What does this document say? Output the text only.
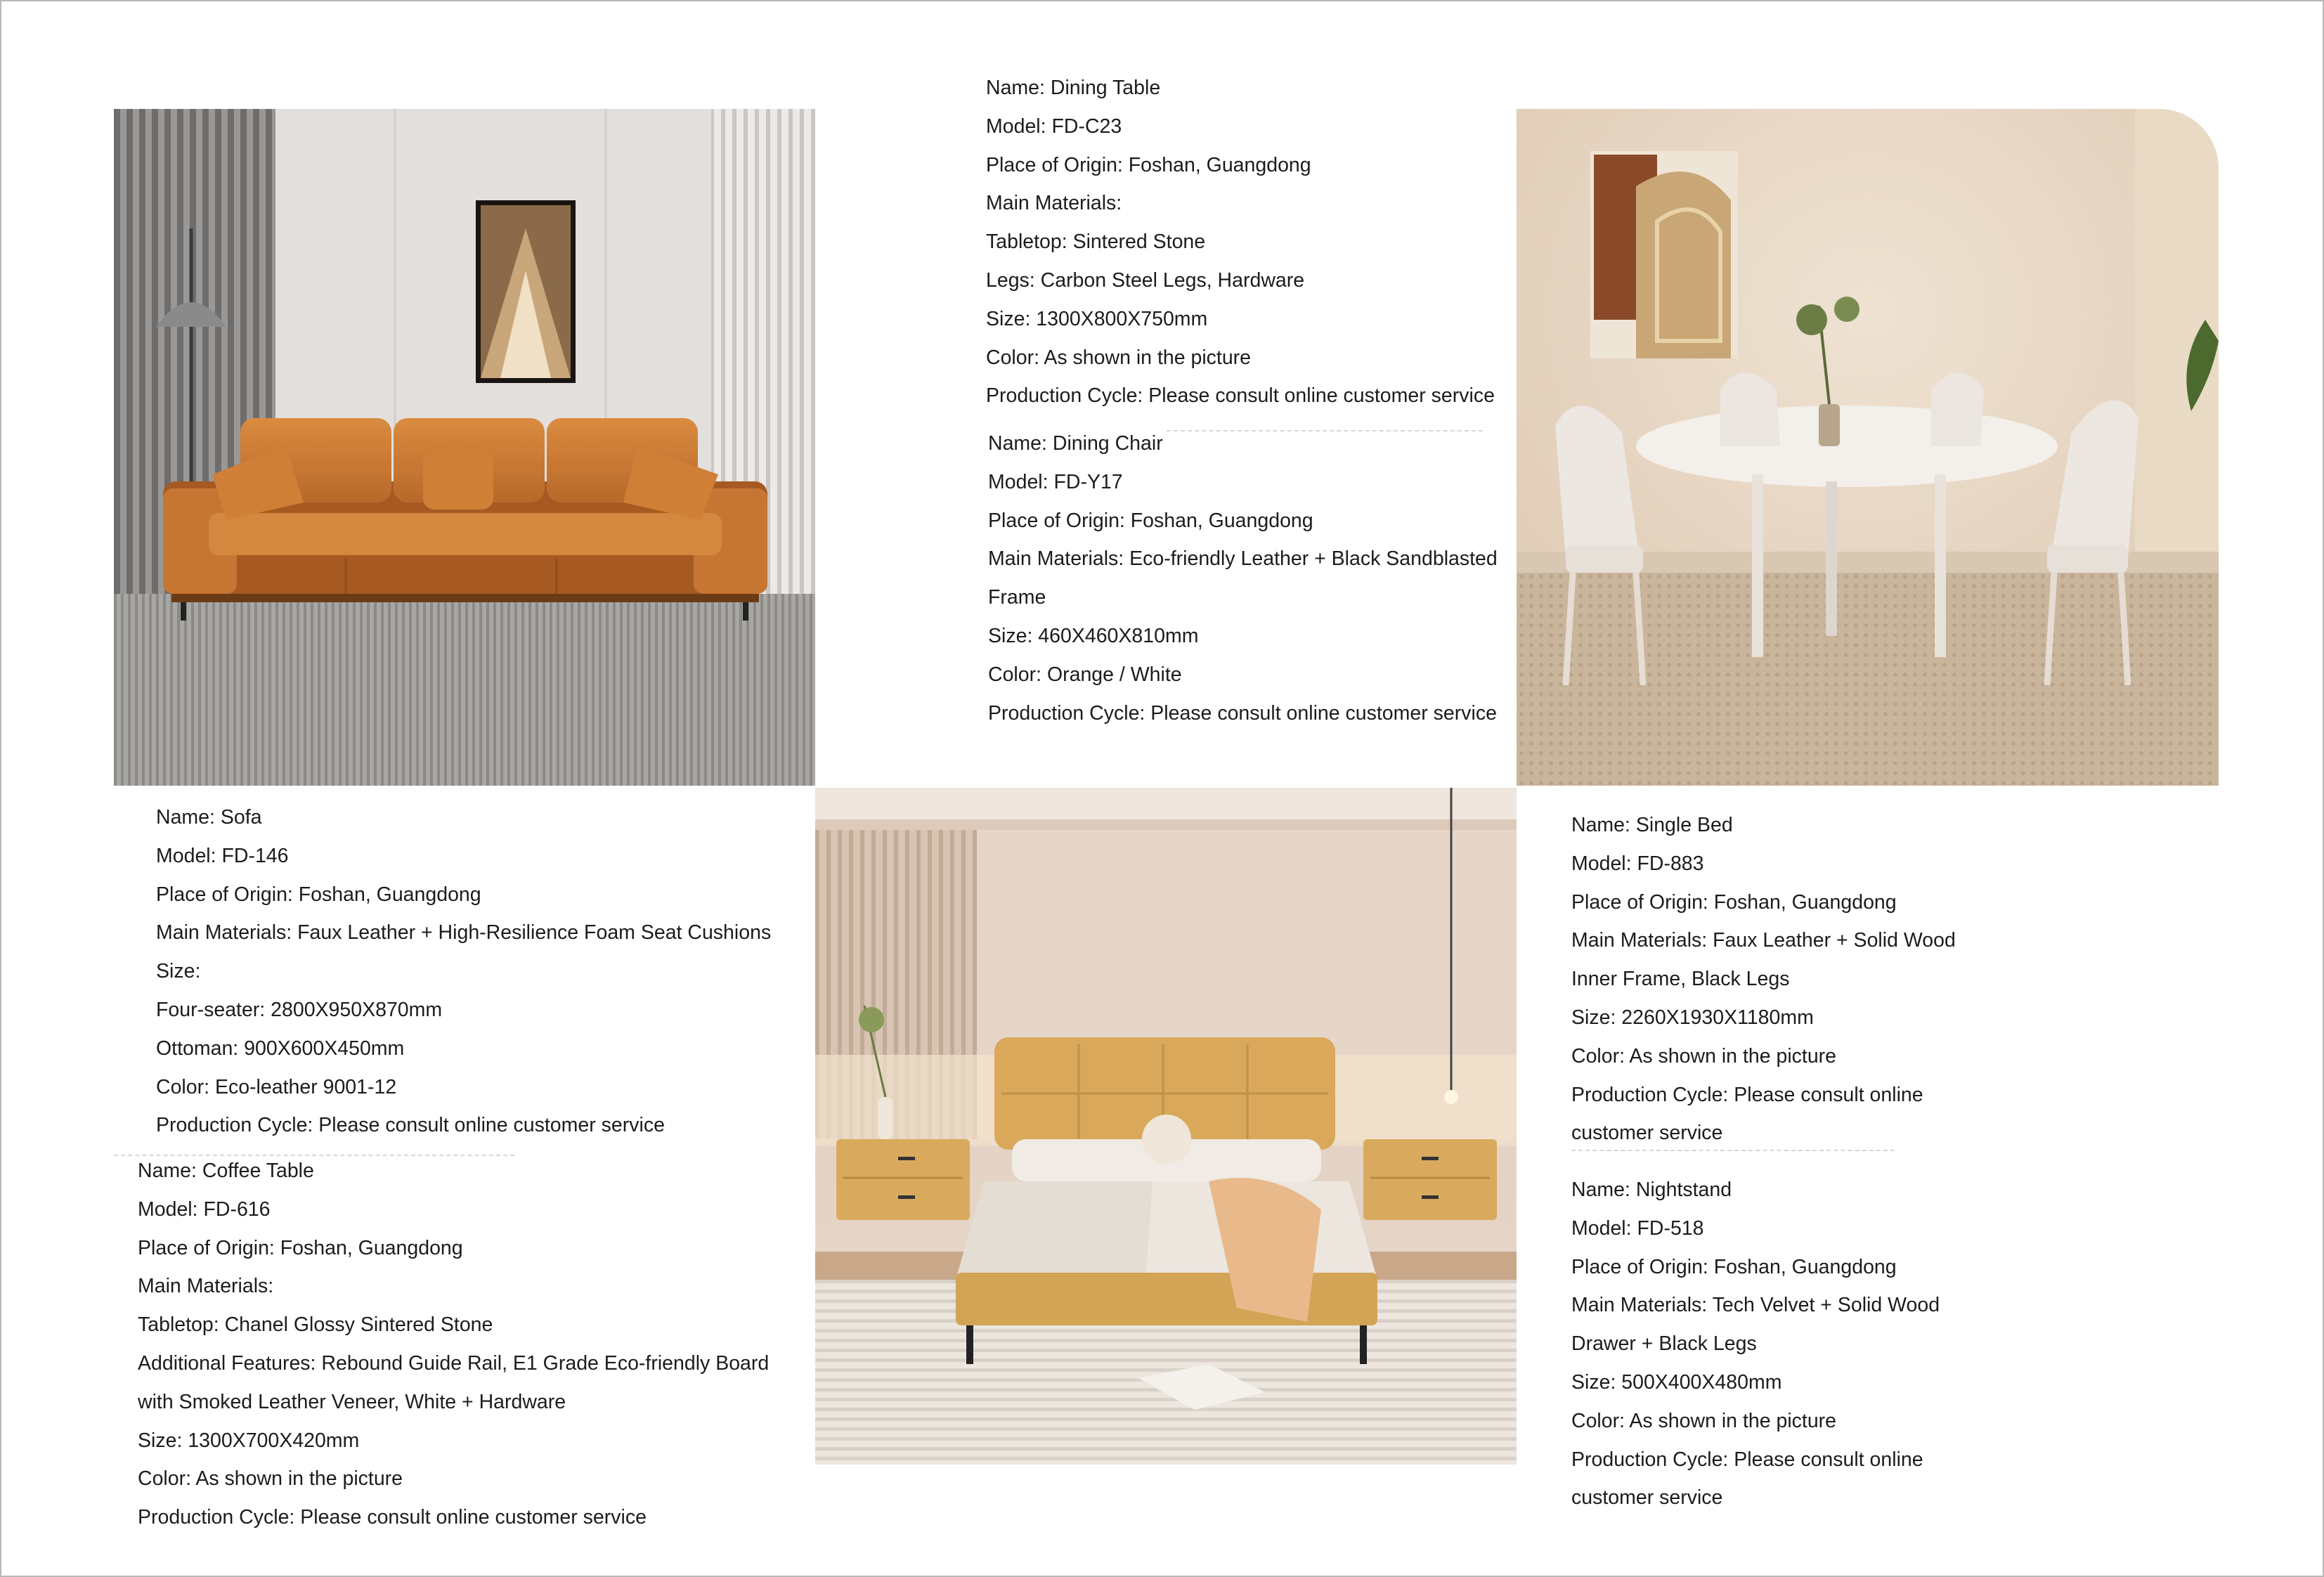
Name: Dining Table
Model: FD-C23
Place of Origin: Foshan, Guangdong
Main Materials:
Tabletop: Sintered Stone
Legs: Carbon Steel Legs, Hardware
Size: 1300X800X750mm
Color: As shown in the picture
Production Cycle: Please consult online customer service
Name: Dining Chair
Model: FD-Y17
Place of Origin: Foshan, Guangdong
Main Materials: Eco-friendly Leather + Black Sandblasted
Frame
Size: 460X460X810mm
Color: Orange / White
Production Cycle: Please consult online customer service
Name: Sofa
Model: FD-146
Place of Origin: Foshan, Guangdong
Main Materials: Faux Leather + High-Resilience Foam Seat Cushions
Size:
Four-seater: 2800X950X870mm
Ottoman: 900X600X450mm
Color: Eco-leather 9001-12
Production Cycle: Please consult online customer service
Name: Coffee Table
Model: FD-616
Place of Origin: Foshan, Guangdong
Main Materials:
Tabletop: Chanel Glossy Sintered Stone
Additional Features: Rebound Guide Rail, E1 Grade Eco-friendly Board
with Smoked Leather Veneer, White + Hardware
Size: 1300X700X420mm
Color: As shown in the picture
Production Cycle: Please consult online customer service
Name: Single Bed
Model: FD-883
Place of Origin: Foshan, Guangdong
Main Materials: Faux Leather + Solid Wood
Inner Frame, Black Legs
Size: 2260X1930X1180mm
Color: As shown in the picture
Production Cycle: Please consult online
customer service
Name: Nightstand
Model: FD-518
Place of Origin: Foshan, Guangdong
Main Materials: Tech Velvet + Solid Wood
Drawer + Black Legs
Size: 500X400X480mm
Color: As shown in the picture
Production Cycle: Please consult online
customer service
